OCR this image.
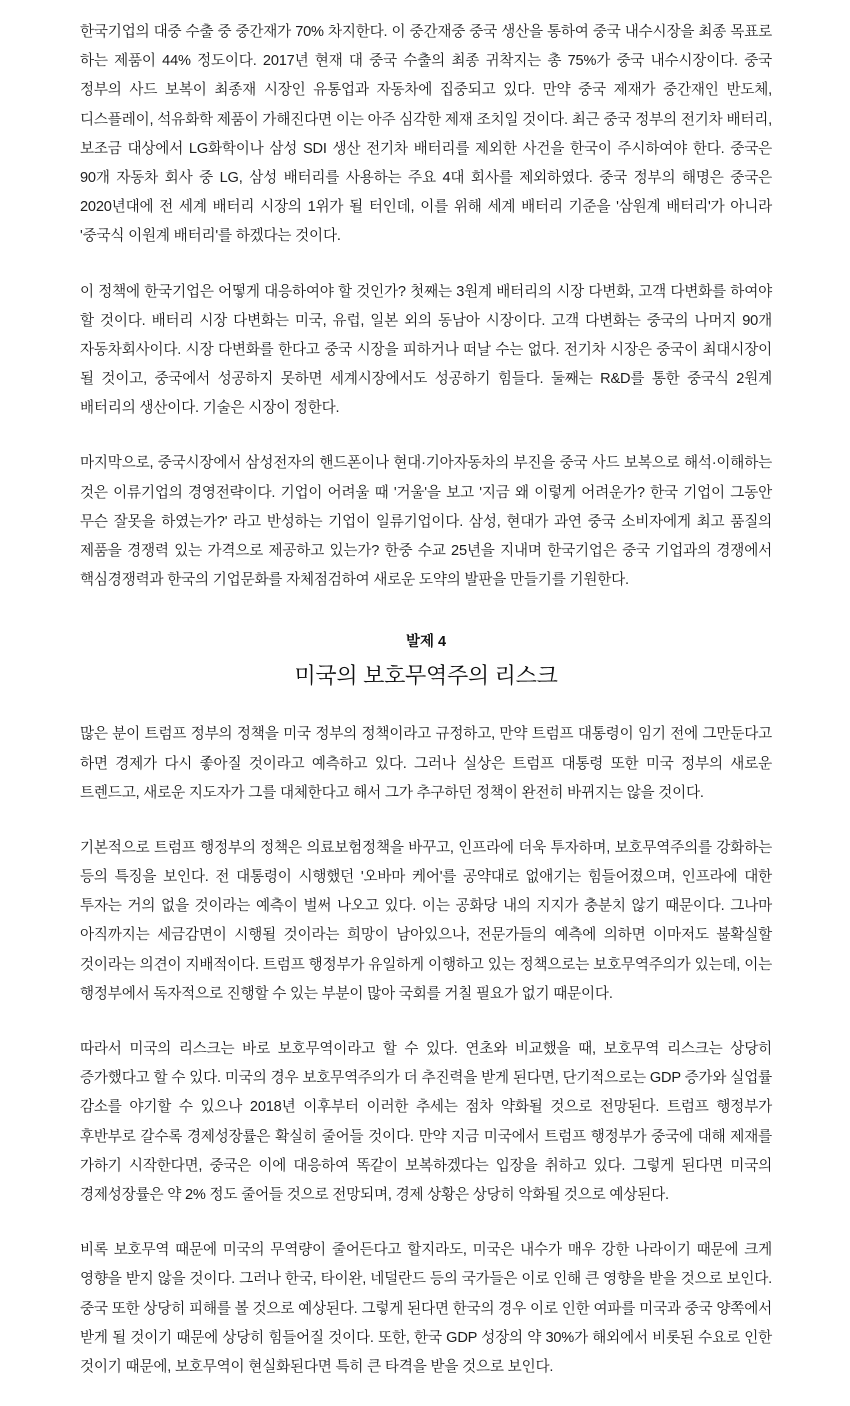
한국기업의 대중 수출 중 중간재가 70% 차지한다. 이 중간재중 중국 생산을 통하여 중국 내수시장을 최종 목표로 하는 제품이 44% 정도이다. 2017년 현재 대 중국 수출의 최종 귀착지는 총 75%가 중국 내수시장이다. 중국 정부의 사드 보복이 최종재 시장인 유통업과 자동차에 집중되고 있다. 만약 중국 제재가 중간재인 반도체, 디스플레이, 석유화학 제품이 가해진다면 이는 아주 심각한 제재 조치일 것이다. 최근 중국 정부의 전기차 배터리, 보조금 대상에서 LG화학이나 삼성 SDI 생산 전기차 배터리를 제외한 사건을 한국이 주시하여야 한다. 중국은 90개 자동차 회사 중 LG, 삼성 배터리를 사용하는 주요 4대 회사를 제외하였다. 중국 정부의 해명은 중국은 2020년대에 전 세계 배터리 시장의 1위가 될 터인데, 이를 위해 세계 배터리 기준을 '삼원계 배터리'가 아니라 '중국식 이원계 배터리'를 하겠다는 것이다.

이 정책에 한국기업은 어떻게 대응하여야 할 것인가? 첫째는 3원계 배터리의 시장 다변화, 고객 다변화를 하여야 할 것이다. 배터리 시장 다변화는 미국, 유럽, 일본 외의 동남아 시장이다. 고객 다변화는 중국의 나머지 90개 자동차회사이다. 시장 다변화를 한다고 중국 시장을 피하거나 떠날 수는 없다. 전기차 시장은 중국이 최대시장이 될 것이고, 중국에서 성공하지 못하면 세계시장에서도 성공하기 힘들다. 둘째는 R&D를 통한 중국식 2원계 배터리의 생산이다. 기술은 시장이 정한다.

마지막으로, 중국시장에서 삼성전자의 핸드폰이나 현대·기아자동차의 부진을 중국 사드 보복으로 해석·이해하는 것은 이류기업의 경영전략이다. 기업이 어려울 때 '거울'을 보고 '지금 왜 이렇게 어려운가? 한국 기업이 그동안 무슨 잘못을 하였는가?' 라고 반성하는 기업이 일류기업이다. 삼성, 현대가 과연 중국 소비자에게 최고 품질의 제품을 경쟁력 있는 가격으로 제공하고 있는가? 한중 수교 25년을 지내며 한국기업은 중국 기업과의 경쟁에서 핵심경쟁력과 한국의 기업문화를 자체점검하여 새로운 도약의 발판을 만들기를 기원한다.

발제 4
미국의 보호무역주의 리스크

많은 분이 트럼프 정부의 정책을 미국 정부의 정책이라고 규정하고, 만약 트럼프 대통령이 임기 전에 그만둔다고 하면 경제가 다시 좋아질 것이라고 예측하고 있다. 그러나 실상은 트럼프 대통령 또한 미국 정부의 새로운 트렌드고, 새로운 지도자가 그를 대체한다고 해서 그가 추구하던 정책이 완전히 바뀌지는 않을 것이다.

기본적으로 트럼프 행정부의 정책은 의료보험정책을 바꾸고, 인프라에 더욱 투자하며, 보호무역주의를 강화하는 등의 특징을 보인다. 전 대통령이 시행했던 '오바마 케어'를 공약대로 없애기는 힘들어졌으며, 인프라에 대한 투자는 거의 없을 것이라는 예측이 벌써 나오고 있다. 이는 공화당 내의 지지가 충분치 않기 때문이다. 그나마 아직까지는 세금감면이 시행될 것이라는 희망이 남아있으나, 전문가들의 예측에 의하면 이마저도 불확실할 것이라는 의견이 지배적이다. 트럼프 행정부가 유일하게 이행하고 있는 정책으로는 보호무역주의가 있는데, 이는 행정부에서 독자적으로 진행할 수 있는 부분이 많아 국회를 거칠 필요가 없기 때문이다.

따라서 미국의 리스크는 바로 보호무역이라고 할 수 있다. 연초와 비교했을 때, 보호무역 리스크는 상당히 증가했다고 할 수 있다. 미국의 경우 보호무역주의가 더 추진력을 받게 된다면, 단기적으로는 GDP 증가와 실업률 감소를 야기할 수 있으나 2018년 이후부터 이러한 추세는 점차 약화될 것으로 전망된다. 트럼프 행정부가 후반부로 갈수록 경제성장률은 확실히 줄어들 것이다. 만약 지금 미국에서 트럼프 행정부가 중국에 대해 제재를 가하기 시작한다면, 중국은 이에 대응하여 똑같이 보복하겠다는 입장을 취하고 있다. 그렇게 된다면 미국의 경제성장률은 약 2% 정도 줄어들 것으로 전망되며, 경제 상황은 상당히 악화될 것으로 예상된다.

비록 보호무역 때문에 미국의 무역량이 줄어든다고 할지라도, 미국은 내수가 매우 강한 나라이기 때문에 크게 영향을 받지 않을 것이다. 그러나 한국, 타이완, 네덜란드 등의 국가들은 이로 인해 큰 영향을 받을 것으로 보인다. 중국 또한 상당히 피해를 볼 것으로 예상된다. 그렇게 된다면 한국의 경우 이로 인한 여파를 미국과 중국 양쪽에서 받게 될 것이기 때문에 상당히 힘들어질 것이다. 또한, 한국 GDP 성장의 약 30%가 해외에서 비롯된 수요로 인한 것이기 때문에, 보호무역이 현실화된다면 특히 큰 타격을 받을 것으로 보인다.
